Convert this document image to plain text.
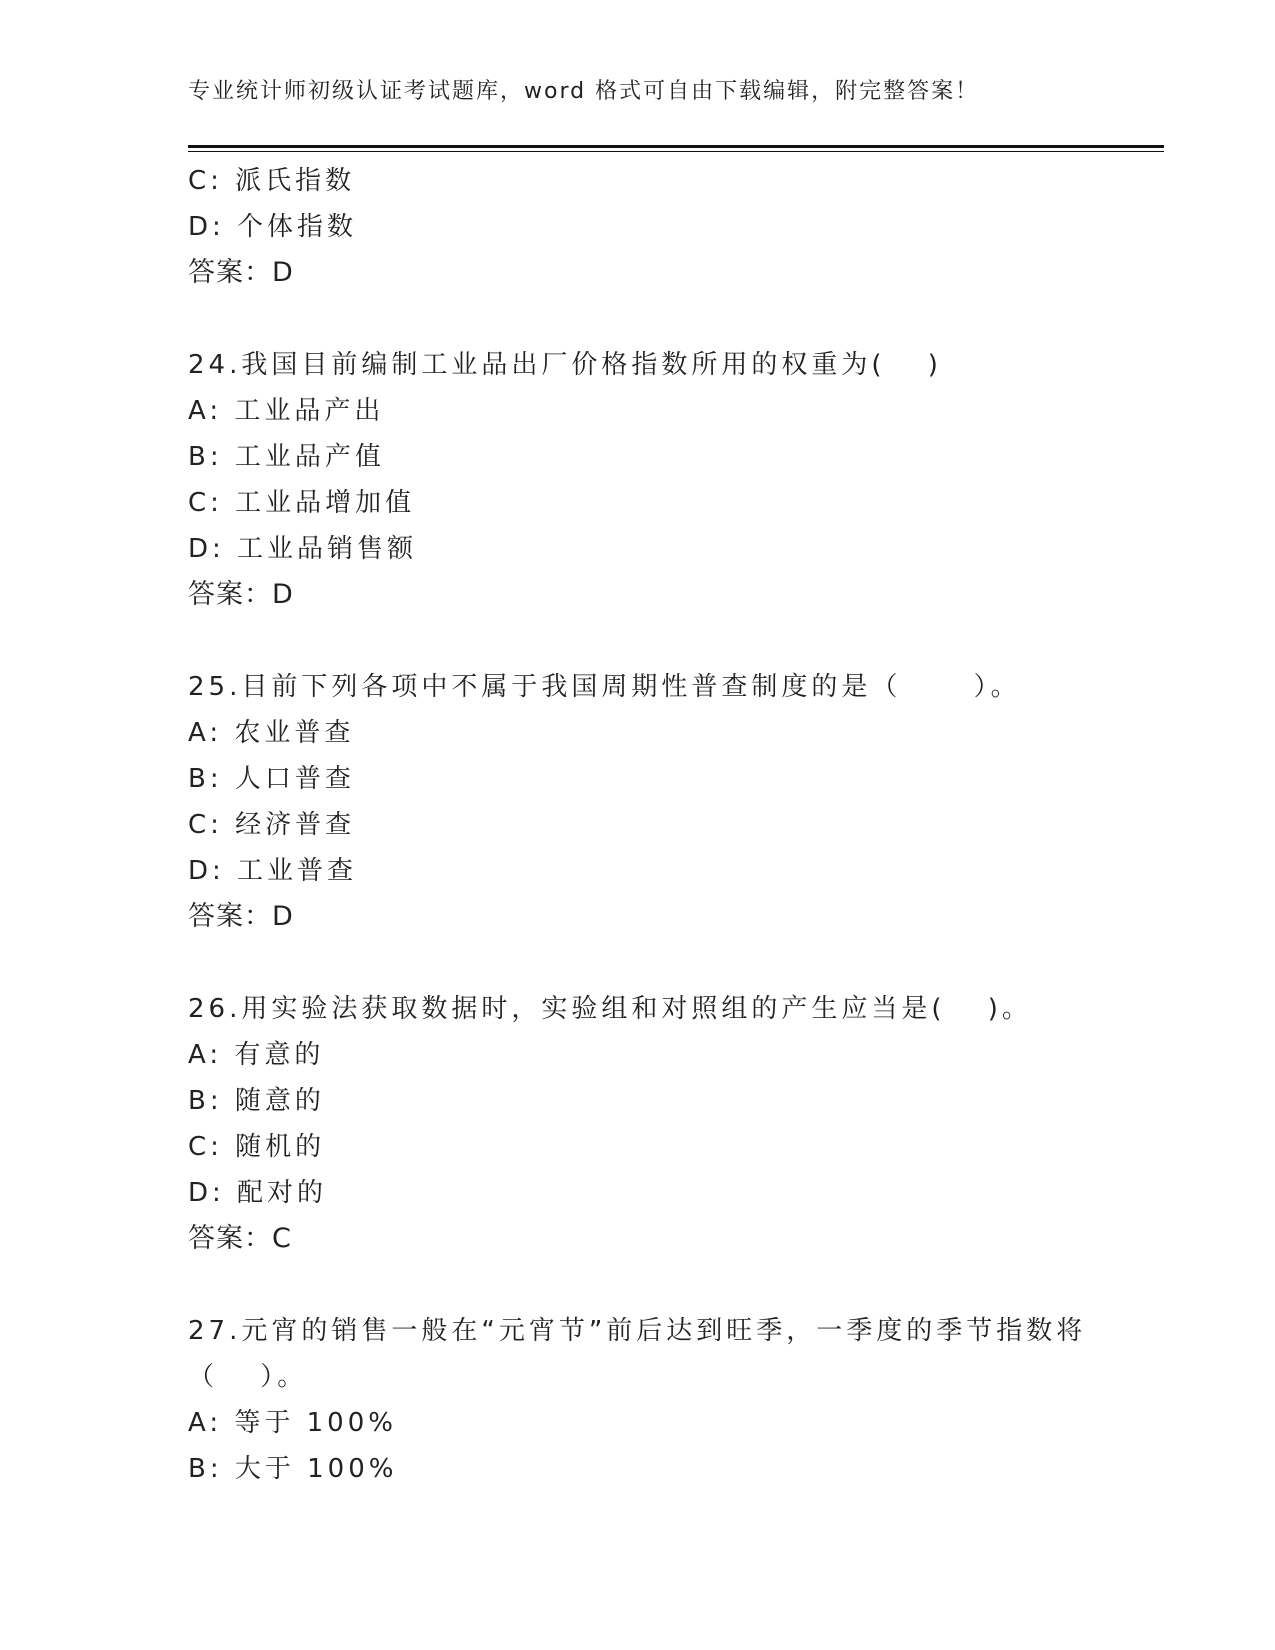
专业统计师初级认证考试题库，word 格式可自由下载编辑，附完整答案！
C: 派氏指数
D: 个体指数
答案：D
24.我国目前编制工业品出厂价格指数所用的权重为(　 )
A: 工业品产出
B: 工业品产值
C: 工业品增加值
D: 工业品销售额
答案：D
25.目前下列各项中不属于我国周期性普查制度的是（　　 ）。
A: 农业普查
B: 人口普查
C: 经济普查
D: 工业普查
答案：D
26.用实验法获取数据时，实验组和对照组的产生应当是(　 )。
A: 有意的
B: 随意的
C: 随机的
D: 配对的
答案：C
27.元宵的销售一般在“元宵节”前后达到旺季，一季度的季节指数将
（　 ）。
A: 等于 100%
B: 大于 100%
